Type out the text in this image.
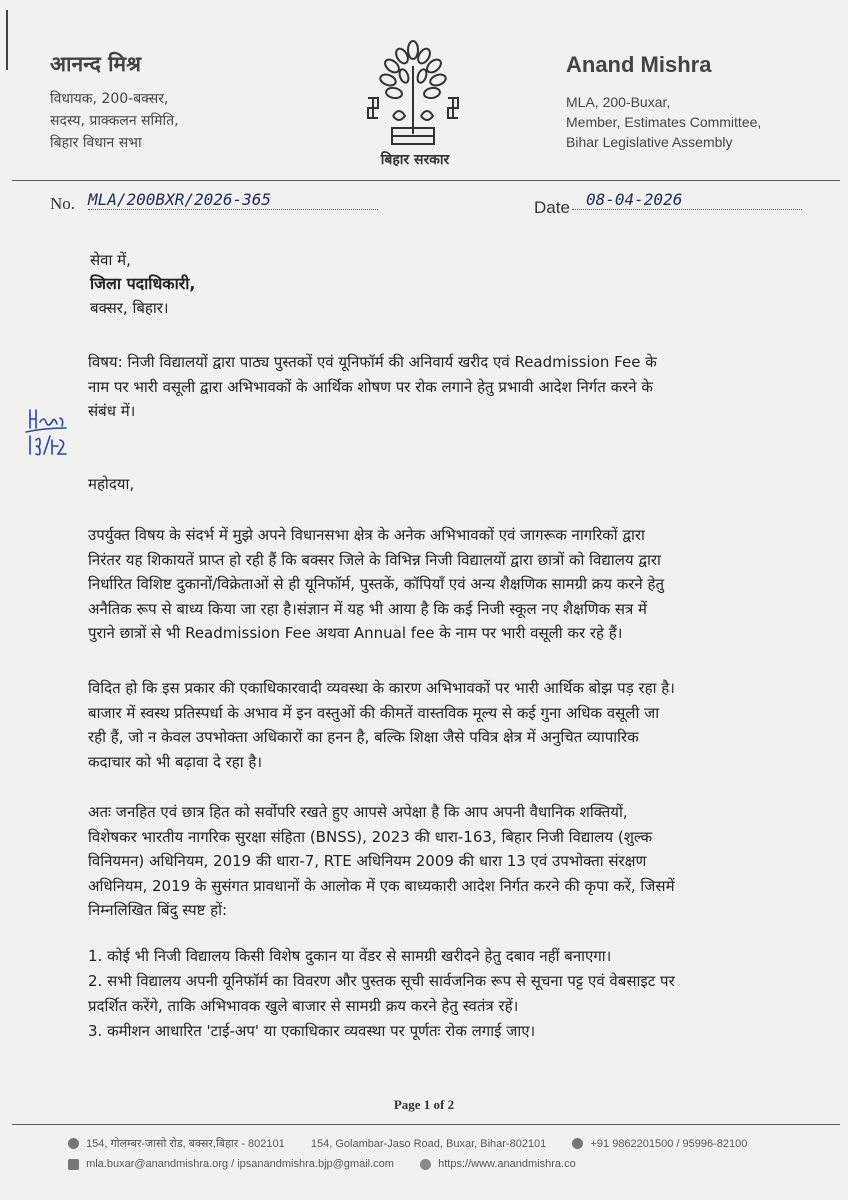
आनन्द मिश्र
विधायक, 200-बक्सर,
सदस्य, प्राक्कलन समिति,
बिहार विधान सभा
बिहार सरकार
Anand Mishra
MLA, 200-Buxar,
Member, Estimates Committee,
Bihar Legislative Assembly
No. MLA/200BXR/2026-365	Date	08-04-2026
सेवा में,
जिला पदाधिकारी,
बक्सर, बिहार।
विषय: निजी विद्यालयों द्वारा पाठ्य पुस्तकों एवं यूनिफॉर्म की अनिवार्य खरीद एवं Readmission Fee के
नाम पर भारी वसूली द्वारा अभिभावकों के आर्थिक शोषण पर रोक लगाने हेतु प्रभावी आदेश निर्गत करने के
संबंध में।
महोदया,
उपर्युक्त विषय के संदर्भ में मुझे अपने विधानसभा क्षेत्र के अनेक अभिभावकों एवं जागरूक नागरिकों द्वारा
निरंतर यह शिकायतें प्राप्त हो रही हैं कि बक्सर जिले के विभिन्न निजी विद्यालयों द्वारा छात्रों को विद्यालय द्वारा
निर्धारित विशिष्ट दुकानों/विक्रेताओं से ही यूनिफॉर्म, पुस्तकें, कॉपियाँ एवं अन्य शैक्षणिक सामग्री क्रय करने हेतु
अनैतिक रूप से बाध्य किया जा रहा है।संज्ञान में यह भी आया है कि कई निजी स्कूल नए शैक्षणिक सत्र में
पुराने छात्रों से भी Readmission Fee अथवा Annual fee के नाम पर भारी वसूली कर रहे हैं।
विदित हो कि इस प्रकार की एकाधिकारवादी व्यवस्था के कारण अभिभावकों पर भारी आर्थिक बोझ पड़ रहा है।
बाजार में स्वस्थ प्रतिस्पर्धा के अभाव में इन वस्तुओं की कीमतें वास्तविक मूल्य से कई गुना अधिक वसूली जा
रही हैं, जो न केवल उपभोक्ता अधिकारों का हनन है, बल्कि शिक्षा जैसे पवित्र क्षेत्र में अनुचित व्यापारिक
कदाचार को भी बढ़ावा दे रहा है।
अतः जनहित एवं छात्र हित को सर्वोपरि रखते हुए आपसे अपेक्षा है कि आप अपनी वैधानिक शक्तियों,
विशेषकर भारतीय नागरिक सुरक्षा संहिता (BNSS), 2023 की धारा-163, बिहार निजी विद्यालय (शुल्क
विनियमन) अधिनियम, 2019 की धारा-7, RTE अधिनियम 2009 की धारा 13 एवं उपभोक्ता संरक्षण
अधिनियम, 2019 के सुसंगत प्रावधानों के आलोक में एक बाध्यकारी आदेश निर्गत करने की कृपा करें, जिसमें
निम्नलिखित बिंदु स्पष्ट हों:
1. कोई भी निजी विद्यालय किसी विशेष दुकान या वेंडर से सामग्री खरीदने हेतु दबाव नहीं बनाएगा।
2. सभी विद्यालय अपनी यूनिफॉर्म का विवरण और पुस्तक सूची सार्वजनिक रूप से सूचना पट्ट एवं वेबसाइट पर
प्रदर्शित करेंगे, ताकि अभिभावक खुले बाजार से सामग्री क्रय करने हेतु स्वतंत्र रहें।
3. कमीशन आधारित 'टाई-अप' या एकाधिकार व्यवस्था पर पूर्णतः रोक लगाई जाए।
Page 1 of 2
154, गोलम्बर-जासो रोड, बक्सर,बिहार - 802101 154, Golambar-Jaso Road, Buxar, Bihar-802101	+91 9862201500 / 95996-82100
mla.buxar@anandmishra.org / ipsanandmishra.bjp@gmail.com	https://www.anandmishra.co
